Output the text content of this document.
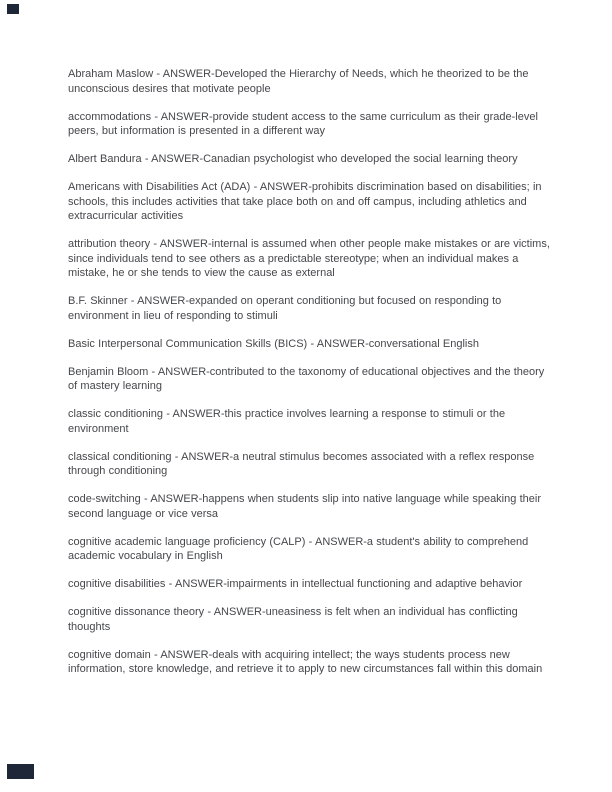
Abraham Maslow - ANSWER-Developed the Hierarchy of Needs, which he theorized to be the unconscious desires that motivate people

accommodations - ANSWER-provide student access to the same curriculum as their grade-level peers, but information is presented in a different way

Albert Bandura - ANSWER-Canadian psychologist who developed the social learning theory

Americans with Disabilities Act (ADA) - ANSWER-prohibits discrimination based on disabilities; in schools, this includes activities that take place both on and off campus, including athletics and extracurricular activities

attribution theory - ANSWER-internal is assumed when other people make mistakes or are victims, since individuals tend to see others as a predictable stereotype; when an individual makes a mistake, he or she tends to view the cause as external

B.F. Skinner - ANSWER-expanded on operant conditioning but focused on responding to environment in lieu of responding to stimuli

Basic Interpersonal Communication Skills (BICS) - ANSWER-conversational English

Benjamin Bloom - ANSWER-contributed to the taxonomy of educational objectives and the theory of mastery learning

classic conditioning - ANSWER-this practice involves learning a response to stimuli or the environment

classical conditioning - ANSWER-a neutral stimulus becomes associated with a reflex response through conditioning

code-switching - ANSWER-happens when students slip into native language while speaking their second language or vice versa

cognitive academic language proficiency (CALP) - ANSWER-a student's ability to comprehend academic vocabulary in English

cognitive disabilities - ANSWER-impairments in intellectual functioning and adaptive behavior

cognitive dissonance theory - ANSWER-uneasiness is felt when an individual has conflicting thoughts

cognitive domain - ANSWER-deals with acquiring intellect; the ways students process new information, store knowledge, and retrieve it to apply to new circumstances fall within this domain
